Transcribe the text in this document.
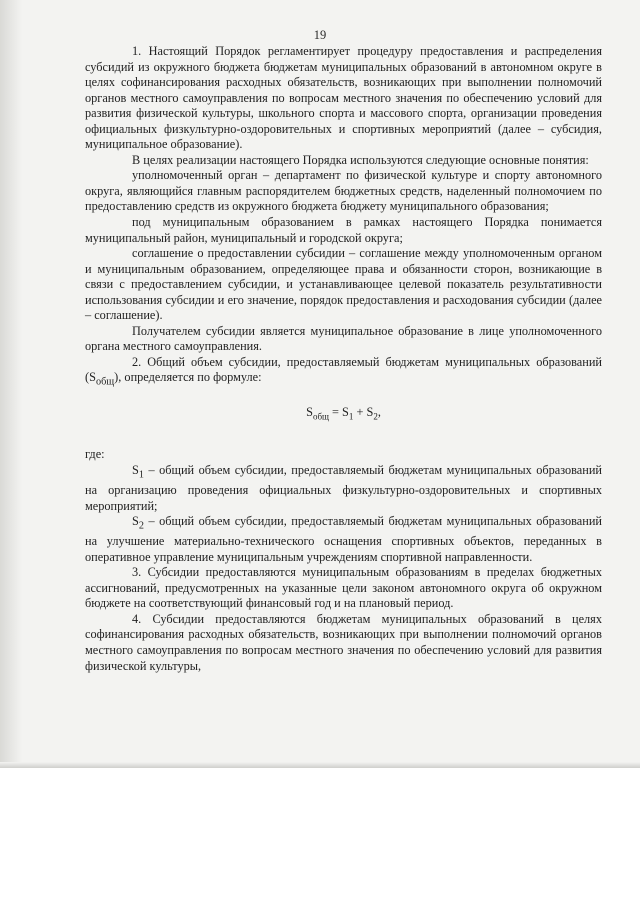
19

1. Настоящий Порядок регламентирует процедуру предоставления и распределения субсидий из окружного бюджета бюджетам муниципальных образований в автономном округе в целях софинансирования расходных обязательств, возникающих при выполнении полномочий органов местного самоуправления по вопросам местного значения по обеспечению условий для развития физической культуры, школьного спорта и массового спорта, организации проведения официальных физкультурно-оздоровительных и спортивных мероприятий (далее – субсидия, муниципальное образование).

В целях реализации настоящего Порядка используются следующие основные понятия:

уполномоченный орган – департамент по физической культуре и спорту автономного округа, являющийся главным распорядителем бюджетных средств, наделенный полномочием по предоставлению средств из окружного бюджета бюджету муниципального образования;

под муниципальным образованием в рамках настоящего Порядка понимается муниципальный район, муниципальный и городской округа;

соглашение о предоставлении субсидии – соглашение между уполномоченным органом и муниципальным образованием, определяющее права и обязанности сторон, возникающие в связи с предоставлением субсидии, и устанавливающее целевой показатель результативности использования субсидии и его значение, порядок предоставления и расходования субсидии (далее – соглашение).

Получателем субсидии является муниципальное образование в лице уполномоченного органа местного самоуправления.

2. Общий объем субсидии, предоставляемый бюджетам муниципальных образований $(S_{общ})$, определяется по формуле:

$S_{общ} = S_1 + S_2$,

где:

$S_1$ – общий объем субсидии, предоставляемый бюджетам муниципальных образований на организацию проведения официальных физкультурно-оздоровительных и спортивных мероприятий;

$S_2$ – общий объем субсидии, предоставляемый бюджетам муниципальных образований на улучшение материально-технического оснащения спортивных объектов, переданных в оперативное управление муниципальным учреждениям спортивной направленности.

3. Субсидии предоставляются муниципальным образованиям в пределах бюджетных ассигнований, предусмотренных на указанные цели законом автономного округа об окружном бюджете на соответствующий финансовый год и на плановый период.

4. Субсидии предоставляются бюджетам муниципальных образований в целях софинансирования расходных обязательств, возникающих при выполнении полномочий органов местного самоуправления по вопросам местного значения по обеспечению условий для развития физической культуры,
